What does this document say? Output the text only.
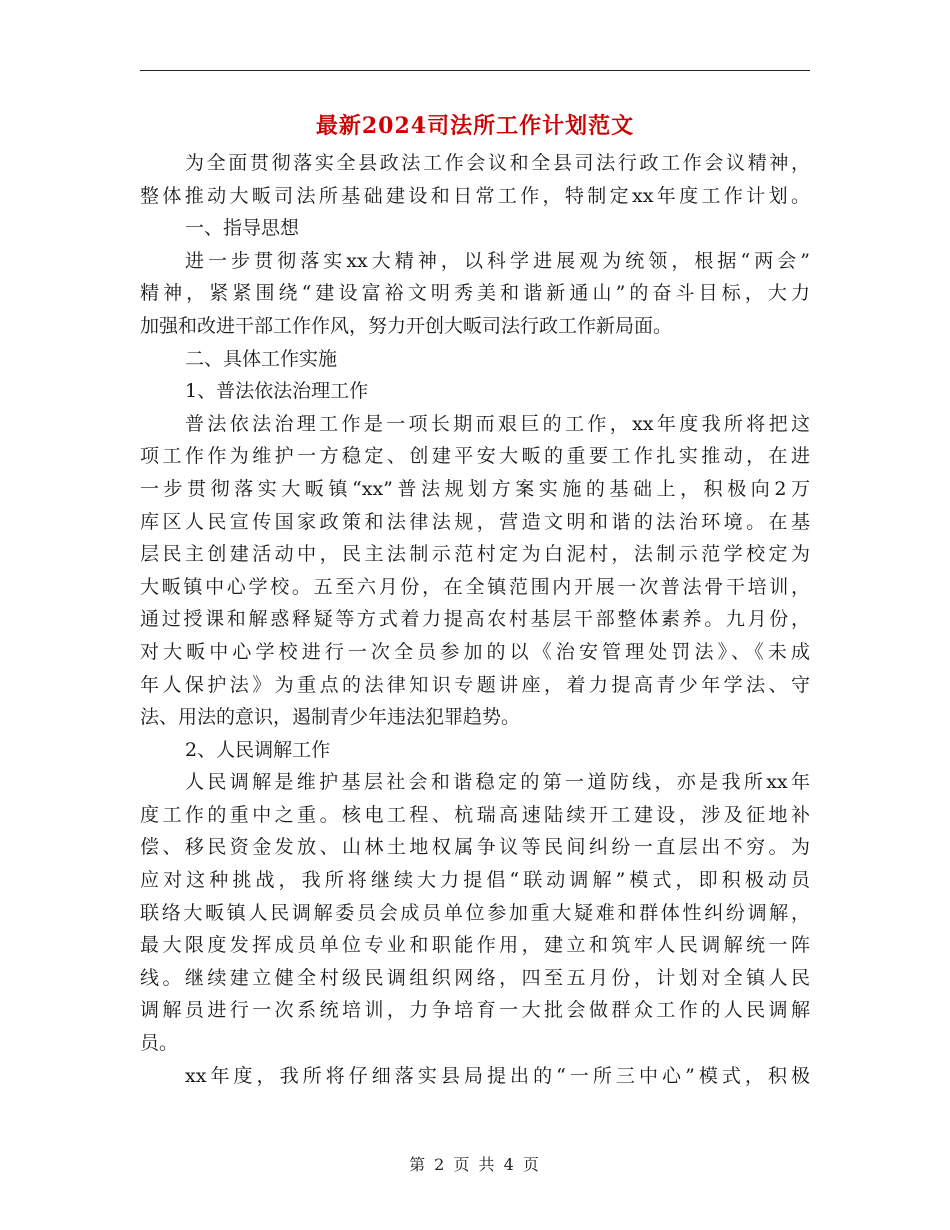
最新2024司法所工作计划范文
为全面贯彻落实全县政法工作会议和全县司法行政工作会议精神，
整体推动大畈司法所基础建设和日常工作，特制定xx年度工作计划。
一、指导思想
进一步贯彻落实xx大精神，以科学进展观为统领，根据“两会”
精神，紧紧围绕“建设富裕文明秀美和谐新通山”的奋斗目标，大力
加强和改进干部工作作风，努力开创大畈司法行政工作新局面。
二、具体工作实施
1、普法依法治理工作
普法依法治理工作是一项长期而艰巨的工作，xx年度我所将把这
项工作作为维护一方稳定、创建平安大畈的重要工作扎实推动，在进
一步贯彻落实大畈镇“xx”普法规划方案实施的基础上，积极向2万
库区人民宣传国家政策和法律法规，营造文明和谐的法治环境。在基
层民主创建活动中，民主法制示范村定为白泥村，法制示范学校定为
大畈镇中心学校。五至六月份，在全镇范围内开展一次普法骨干培训，
通过授课和解惑释疑等方式着力提高农村基层干部整体素养。九月份，
对大畈中心学校进行一次全员参加的以《治安管理处罚法》、《未成
年人保护法》为重点的法律知识专题讲座，着力提高青少年学法、守
法、用法的意识，遏制青少年违法犯罪趋势。
2、人民调解工作
人民调解是维护基层社会和谐稳定的第一道防线，亦是我所xx年
度工作的重中之重。核电工程、杭瑞高速陆续开工建设，涉及征地补
偿、移民资金发放、山林土地权属争议等民间纠纷一直层出不穷。为
应对这种挑战，我所将继续大力提倡“联动调解”模式，即积极动员
联络大畈镇人民调解委员会成员单位参加重大疑难和群体性纠纷调解，
最大限度发挥成员单位专业和职能作用，建立和筑牢人民调解统一阵
线。继续建立健全村级民调组织网络，四至五月份，计划对全镇人民
调解员进行一次系统培训，力争培育一大批会做群众工作的人民调解
员。
xx年度，我所将仔细落实县局提出的“一所三中心”模式，积极
第 2 页 共 4 页
